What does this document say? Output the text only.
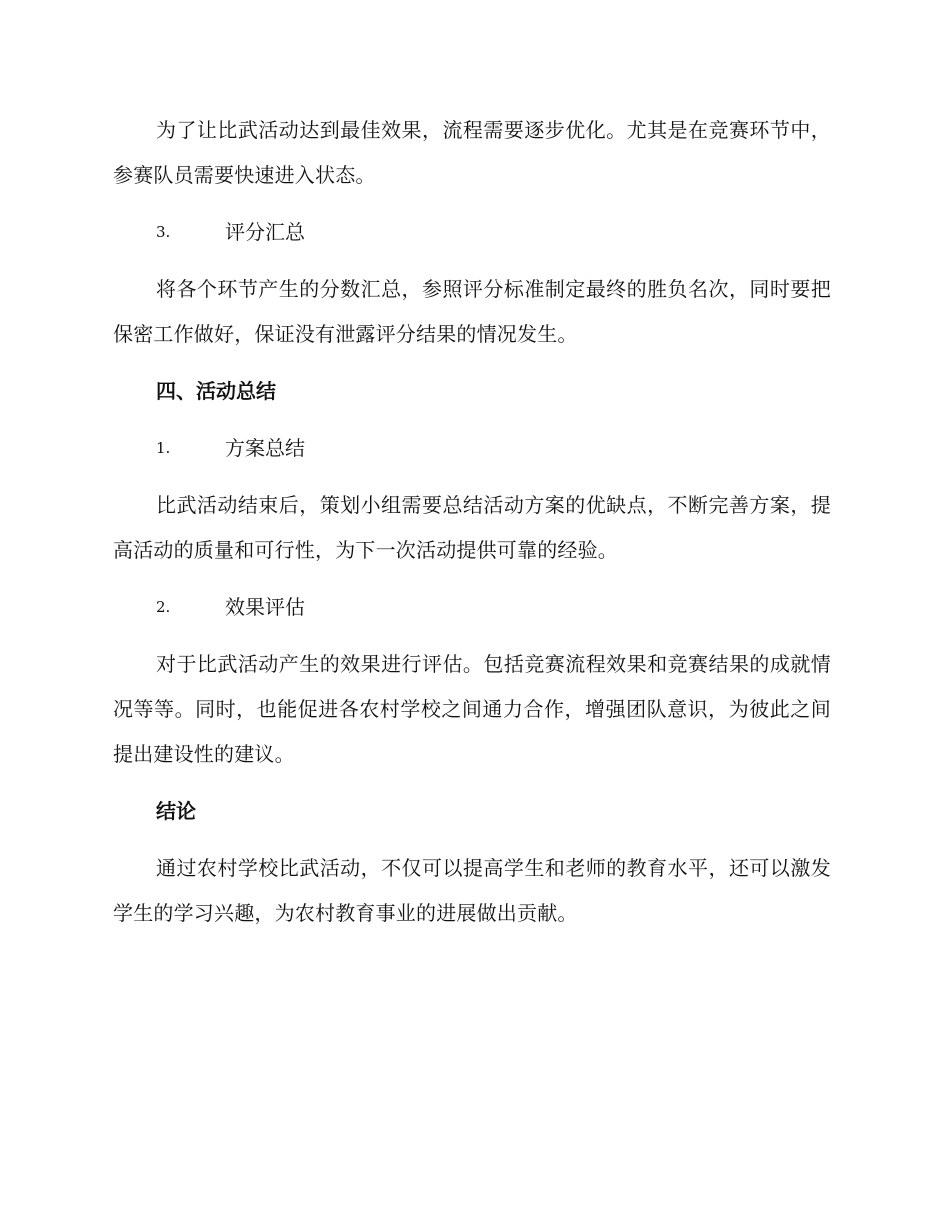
为了让比武活动达到最佳效果，流程需要逐步优化。尤其是在竞赛环节中，参赛队员需要快速进入状态。

3.	评分汇总

将各个环节产生的分数汇总，参照评分标准制定最终的胜负名次，同时要把保密工作做好，保证没有泄露评分结果的情况发生。

四、活动总结
1.	方案总结

比武活动结束后，策划小组需要总结活动方案的优缺点，不断完善方案，提高活动的质量和可行性，为下一次活动提供可靠的经验。

2.	效果评估

对于比武活动产生的效果进行评估。包括竞赛流程效果和竞赛结果的成就情况等等。同时，也能促进各农村学校之间通力合作，增强团队意识，为彼此之间提出建设性的建议。

结论

通过农村学校比武活动，不仅可以提高学生和老师的教育水平，还可以激发学生的学习兴趣，为农村教育事业的进展做出贡献。
